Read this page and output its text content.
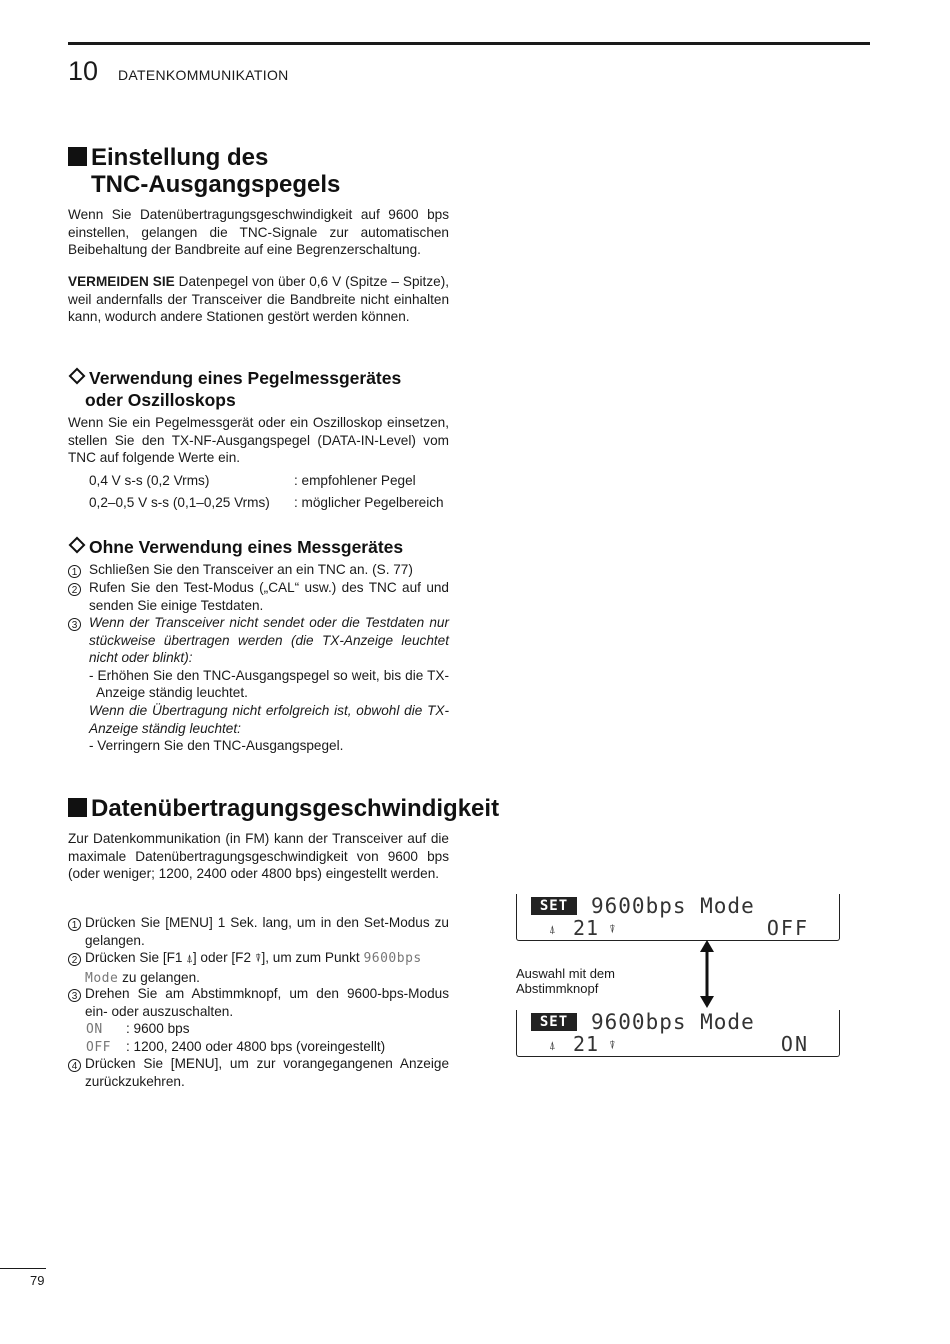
10 DATENKOMMUNIKATION
Einstellung des
TNC-Ausgangspegels
Wenn Sie Datenübertragungsgeschwindigkeit auf 9600 bps einstellen, gelangen die TNC-Signale zur automatischen Beibehaltung der Bandbreite auf eine Begrenzerschaltung.
VERMEIDEN SIE Datenpegel von über 0,6 V (Spitze – Spitze), weil andernfalls der Transceiver die Bandbreite nicht einhalten kann, wodurch andere Stationen gestört werden können.
Verwendung eines Pegelmessgerätes
oder Oszilloskops
Wenn Sie ein Pegelmessgerät oder ein Oszilloskop einsetzen, stellen Sie den TX-NF-Ausgangspegel (DATA-IN-Level) vom TNC auf folgende Werte ein.
0,4 V s-s (0,2 Vrms)	: empfohlener Pegel
0,2–0,5 V s-s (0,1–0,25 Vrms) : möglicher Pegelbereich
Ohne Verwendung eines Messgerätes
1 Schließen Sie den Transceiver an ein TNC an. (S. 77)
2 Rufen Sie den Test-Modus („CAL“ usw.) des TNC auf und senden Sie einige Testdaten.
3 Wenn der Transceiver nicht sendet oder die Testdaten nur stückweise übertragen werden (die TX-Anzeige leuchtet nicht oder blinkt):
- Erhöhen Sie den TNC-Ausgangspegel so weit, bis die TX-Anzeige ständig leuchtet.
Wenn die Übertragung nicht erfolgreich ist, obwohl die TX-Anzeige ständig leuchtet:
- Verringern Sie den TNC-Ausgangspegel.
Datenübertragungsgeschwindigkeit
Zur Datenkommunikation (in FM) kann der Transceiver auf die maximale Datenübertragungsgeschwindigkeit von 9600 bps (oder weniger; 1200, 2400 oder 4800 bps) eingestellt werden.
1 Drücken Sie [MENU] 1 Sek. lang, um in den Set-Modus zu gelangen.
2 Drücken Sie [F1 ⍋] oder [F2 ⍒], um zum Punkt 9600bps
Mode zu gelangen.
3 Drehen Sie am Abstimmknopf, um den 9600-bps-Modus ein- oder auszuschalten.
ON : 9600 bps
OFF : 1200, 2400 oder 4800 bps (voreingestellt)
4 Drücken Sie [MENU], um zur vorangegangenen Anzeige zurückzukehren.
SET	9600bps Mode
⍋ 21 ⍒	OFF
Auswahl mit dem Abstimmknopf
SET	9600bps Mode
⍋ 21 ⍒	ON
79
